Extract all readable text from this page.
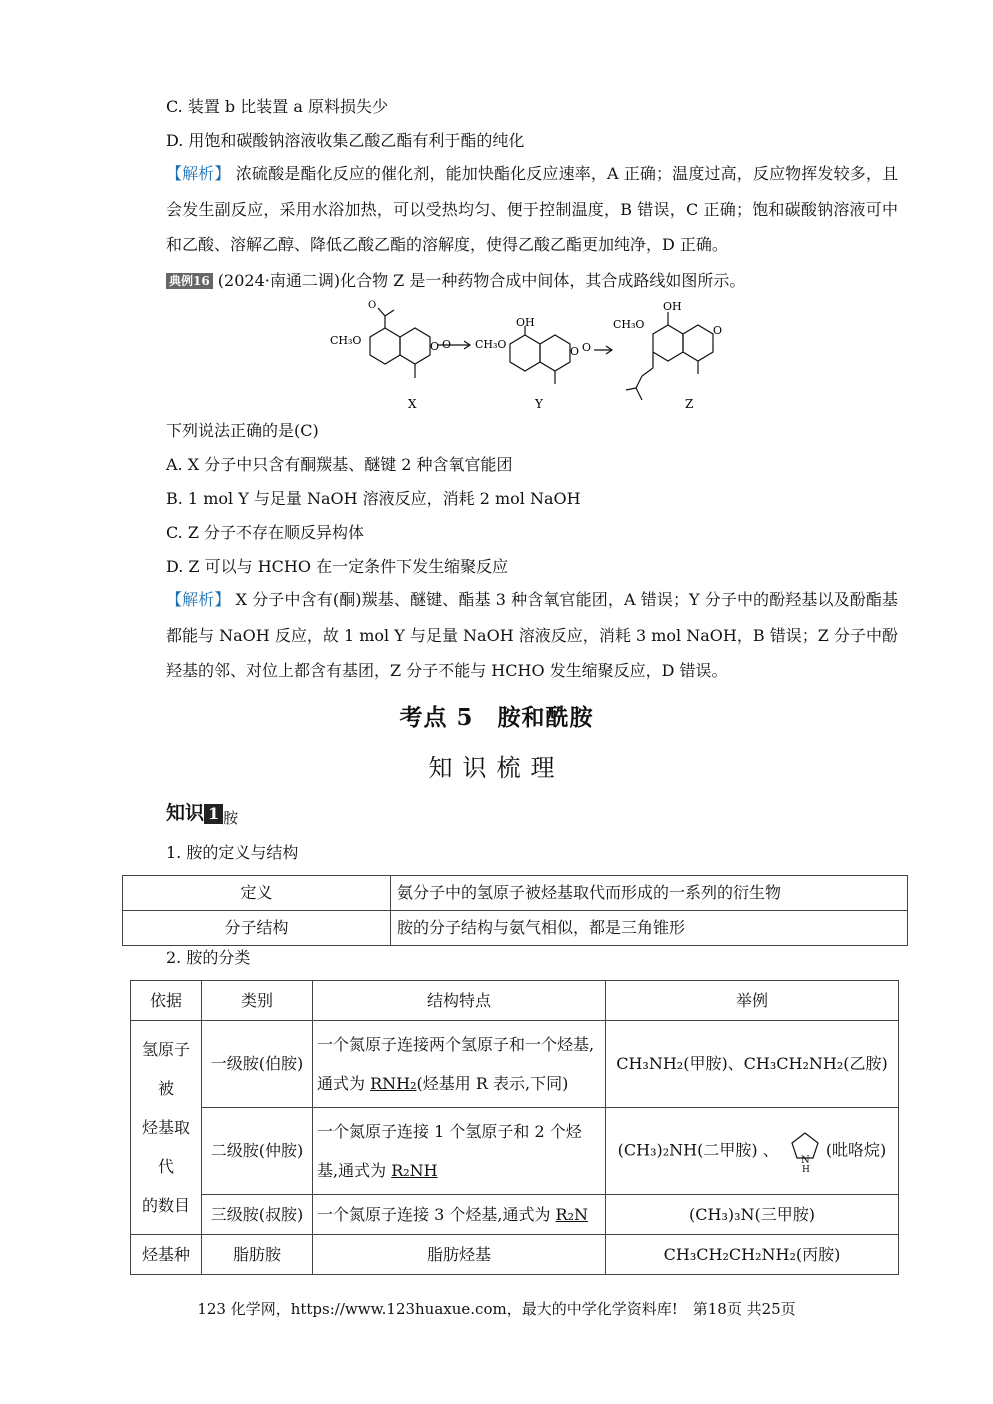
C. 装置 b 比装置 a 原料损失少
D. 用饱和碳酸钠溶液收集乙酸乙酯有利于酯的纯化
【解析】 浓硫酸是酯化反应的催化剂，能加快酯化反应速率，A 正确；温度过高，反应物挥发较多，且会发生副反应，采用水浴加热，可以受热均匀、便于控制温度，B 错误，C 正确；饱和碳酸钠溶液可中和乙酸、溶解乙醇、降低乙酸乙酯的溶解度，使得乙酸乙酯更加纯净，D 正确。
典例16 (2024·南通二调)化合物 Z 是一种药物合成中间体，其合成路线如图所示。
O
CH₃O	O O
X
OH
CH₃O
O O
Y
OH
CH₃O	O
Z
下列说法正确的是(C)
A. X 分子中只含有酮羰基、醚键 2 种含氧官能团
B. 1 mol Y 与足量 NaOH 溶液反应，消耗 2 mol NaOH
C. Z 分子不存在顺反异构体
D. Z 可以与 HCHO 在一定条件下发生缩聚反应
【解析】 X 分子中含有(酮)羰基、醚键、酯基 3 种含氧官能团，A 错误；Y 分子中的酚羟基以及酚酯基都能与 NaOH 反应，故 1 mol Y 与足量 NaOH 溶液反应，消耗 3 mol NaOH，B 错误；Z 分子中酚羟基的邻、对位上都含有基团，Z 分子不能与 HCHO 发生缩聚反应，D 错误。
考点 5　胺和酰胺
知识梳理
知识 1 $_胺$
1. 胺的定义与结构
定义	氨分子中的氢原子被烃基取代而形成的一系列的衍生物
分子结构	胺的分子结构与氨气相似，都是三角锥形
2. 胺的分类
依据	类别	结构特点	举例

氢原子
被
烃基取
代
的数目	一级胺(伯胺)	一个氮原子连接两个氢原子和一个烃基,通式为 RNH₂(烃基用 R 表示,下同)	CH₃NH₂(甲胺)、CH₃CH₂NH₂(乙胺)
	二级胺(仲胺)	一个氮原子连接 1 个氢原子和 2 个烃基,通式为 R₂NH	(CH₃)₂NH(二甲胺) 、
N
H
(吡咯烷)
	三级胺(叔胺)	一个氮原子连接 3 个烃基,通式为 R₂N	(CH₃)₃N(三甲胺)
烃基种	脂肪胺	脂肪烃基	CH₃CH₂CH₂NH₂(丙胺)
123 化学网，https://www.123huaxue.com，最大的中学化学资料库!　第18页 共25页
